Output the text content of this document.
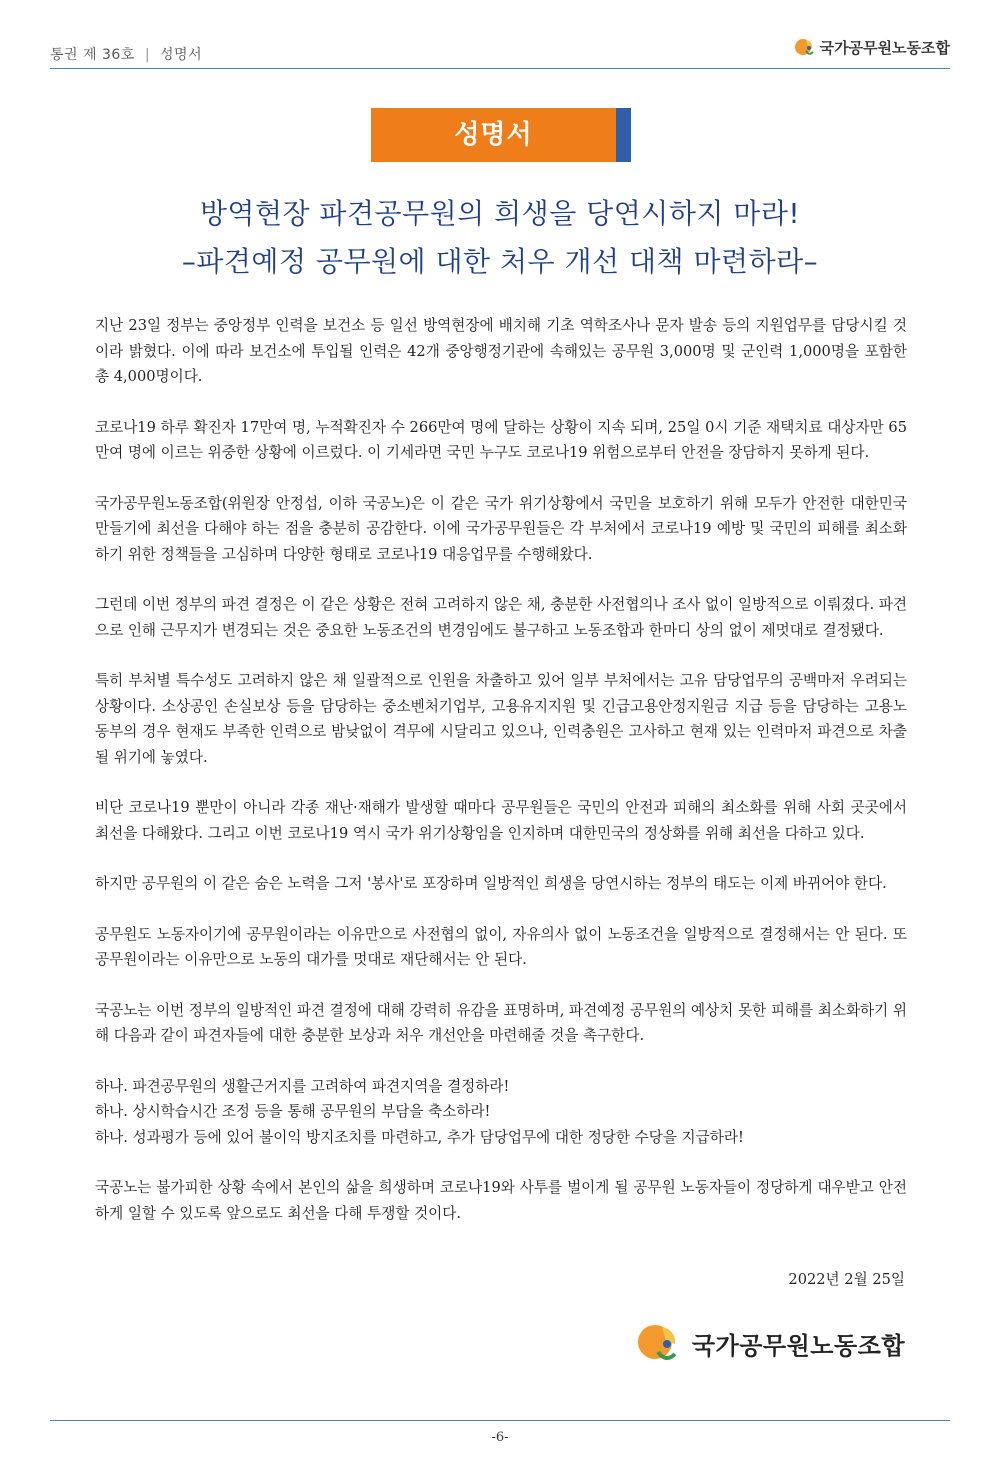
통권 제 36호 | 성명서	국가공무원노동조합
성명서
방역현장 파견공무원의 희생을 당연시하지 마라!
–파견예정 공무원에 대한 처우 개선 대책 마련하라–

지난 23일 정부는 중앙정부 인력을 보건소 등 일선 방역현장에 배치해 기초 역학조사나 문자 발송 등의 지원업무를 담당시킬 것이라 밝혔다. 이에 따라 보건소에 투입될 인력은 42개 중앙행정기관에 속해있는 공무원 3,000명 및 군인력 1,000명을 포함한 총 4,000명이다.

코로나19 하루 확진자 17만여 명, 누적확진자 수 266만여 명에 달하는 상황이 지속 되며, 25일 0시 기준 재택치료 대상자만 65만여 명에 이르는 위중한 상황에 이르렀다. 이 기세라면 국민 누구도 코로나19 위험으로부터 안전을 장담하지 못하게 된다.

국가공무원노동조합(위원장 안정섭, 이하 국공노)은 이 같은 국가 위기상황에서 국민을 보호하기 위해 모두가 안전한 대한민국 만들기에 최선을 다해야 하는 점을 충분히 공감한다. 이에 국가공무원들은 각 부처에서 코로나19 예방 및 국민의 피해를 최소화하기 위한 정책들을 고심하며 다양한 형태로 코로나19 대응업무를 수행해왔다.

그런데 이번 정부의 파견 결정은 이 같은 상황은 전혀 고려하지 않은 채, 충분한 사전협의나 조사 없이 일방적으로 이뤄졌다. 파견으로 인해 근무지가 변경되는 것은 중요한 노동조건의 변경임에도 불구하고 노동조합과 한마디 상의 없이 제멋대로 결정됐다.

특히 부처별 특수성도 고려하지 않은 채 일괄적으로 인원을 차출하고 있어 일부 부처에서는 고유 담당업무의 공백마저 우려되는 상황이다. 소상공인 손실보상 등을 담당하는 중소벤처기업부, 고용유지지원 및 긴급고용안정지원금 지급 등을 담당하는 고용노동부의 경우 현재도 부족한 인력으로 밤낮없이 격무에 시달리고 있으나, 인력충원은 고사하고 현재 있는 인력마저 파견으로 차출될 위기에 놓였다.

비단 코로나19 뿐만이 아니라 각종 재난·재해가 발생할 때마다 공무원들은 국민의 안전과 피해의 최소화를 위해 사회 곳곳에서 최선을 다해왔다. 그리고 이번 코로나19 역시 국가 위기상황임을 인지하며 대한민국의 정상화를 위해 최선을 다하고 있다.

하지만 공무원의 이 같은 숨은 노력을 그저 '봉사'로 포장하며 일방적인 희생을 당연시하는 정부의 태도는 이제 바뀌어야 한다.

공무원도 노동자이기에 공무원이라는 이유만으로 사전협의 없이, 자유의사 없이 노동조건을 일방적으로 결정해서는 안 된다. 또 공무원이라는 이유만으로 노동의 대가를 멋대로 재단해서는 안 된다.

국공노는 이번 정부의 일방적인 파견 결정에 대해 강력히 유감을 표명하며, 파견예정 공무원의 예상치 못한 피해를 최소화하기 위해 다음과 같이 파견자들에 대한 충분한 보상과 처우 개선안을 마련해줄 것을 촉구한다.

하나. 파견공무원의 생활근거지를 고려하여 파견지역을 결정하라!

하나. 상시학습시간 조정 등을 통해 공무원의 부담을 축소하라!

하나. 성과평가 등에 있어 불이익 방지조치를 마련하고, 추가 담당업무에 대한 정당한 수당을 지급하라!

국공노는 불가피한 상황 속에서 본인의 삶을 희생하며 코로나19와 사투를 벌이게 될 공무원 노동자들이 정당하게 대우받고 안전하게 일할 수 있도록 앞으로도 최선을 다해 투쟁할 것이다.

2022년 2월 25일
국가공무원노동조합
-6-
